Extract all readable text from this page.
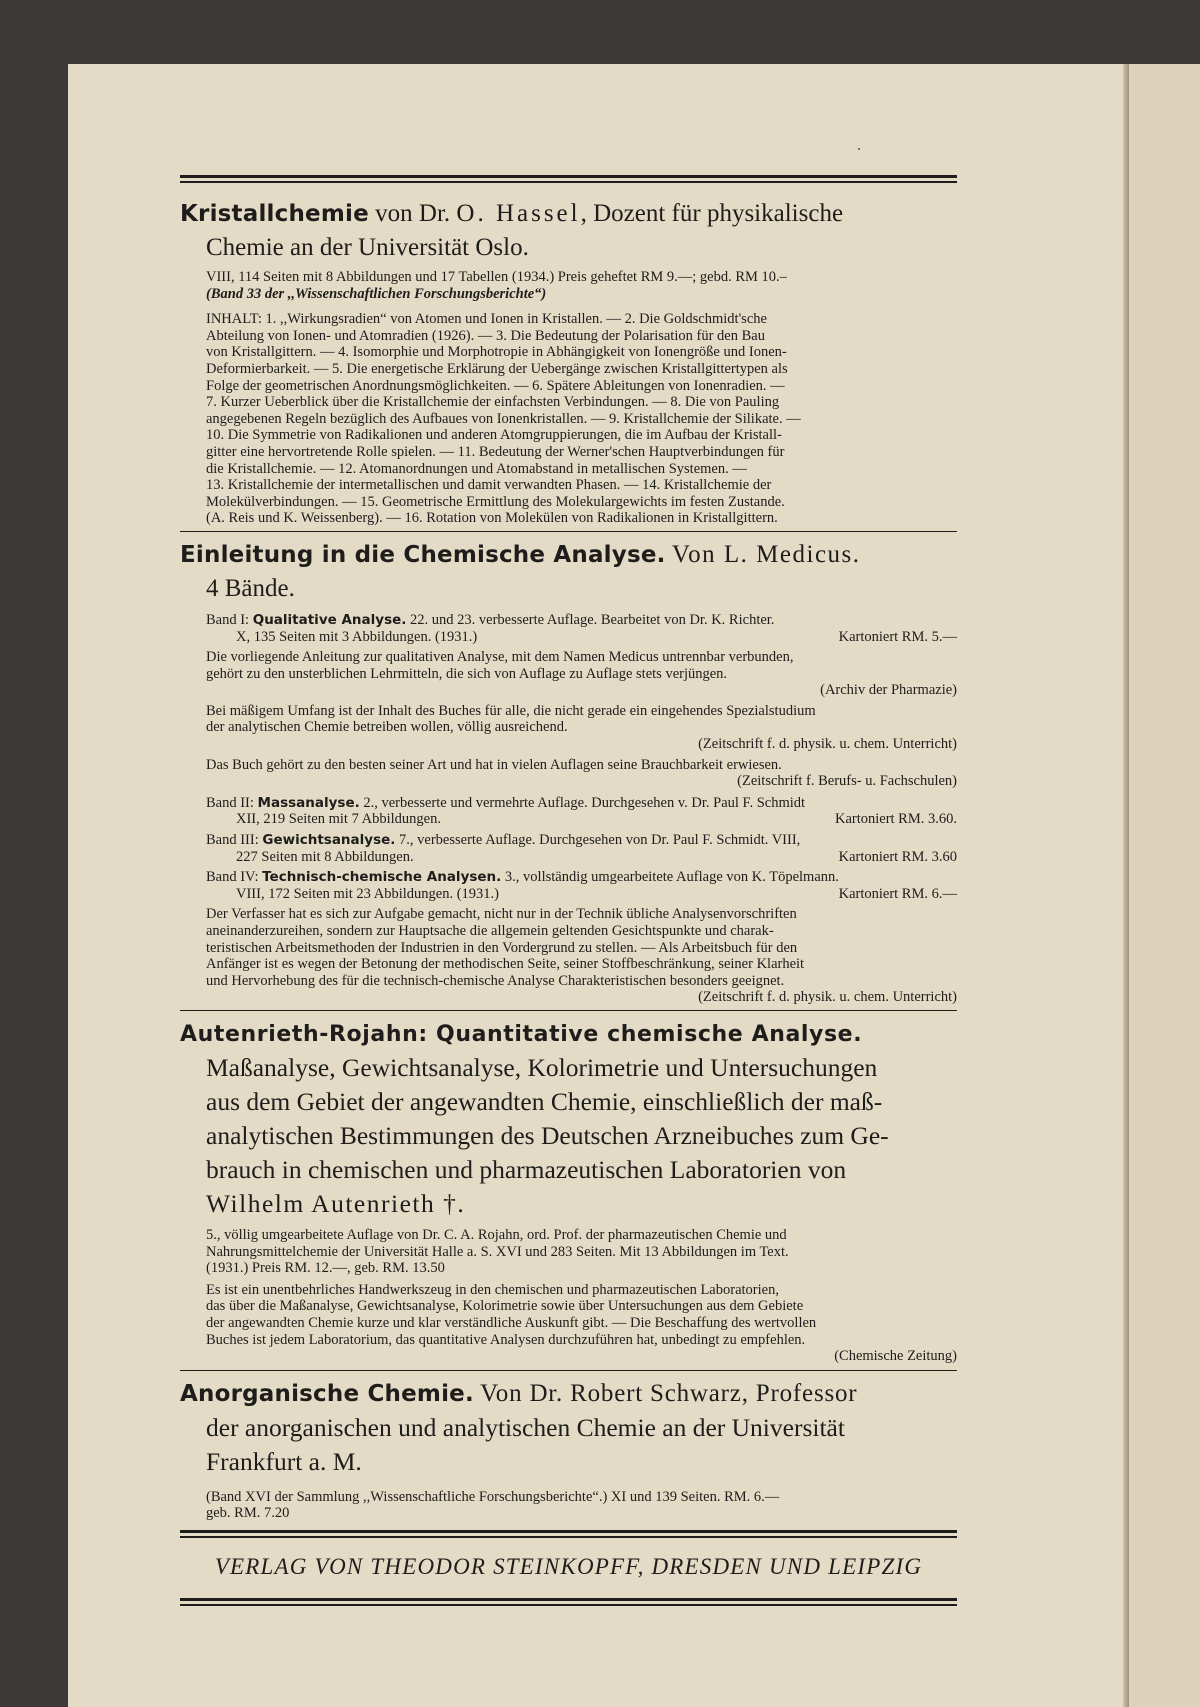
Kristallchemie von Dr. O. Hassel, Dozent für physikalische
Chemie an der Universität Oslo.
VIII, 114 Seiten mit 8 Abbildungen und 17 Tabellen (1934.) Preis geheftet RM 9.—; gebd. RM 10.–
(Band 33 der ,,Wissenschaftlichen Forschungsberichte“)
INHALT: 1. ,,Wirkungsradien“ von Atomen und Ionen in Kristallen. — 2. Die Goldschmidt'sche
Abteilung von Ionen- und Atomradien (1926). — 3. Die Bedeutung der Polarisation für den Bau
von Kristallgittern. — 4. Isomorphie und Morphotropie in Abhängigkeit von Ionengröße und Ionen-
Deformierbarkeit. — 5. Die energetische Erklärung der Uebergänge zwischen Kristallgittertypen als
Folge der geometrischen Anordnungsmöglichkeiten. — 6. Spätere Ableitungen von Ionenradien. —
7. Kurzer Ueberblick über die Kristallchemie der einfachsten Verbindungen. — 8. Die von Pauling
angegebenen Regeln bezüglich des Aufbaues von Ionenkristallen. — 9. Kristallchemie der Silikate. —
10. Die Symmetrie von Radikalionen und anderen Atomgruppierungen, die im Aufbau der Kristall-
gitter eine hervortretende Rolle spielen. — 11. Bedeutung der Werner'schen Hauptverbindungen für
die Kristallchemie. — 12. Atomanordnungen und Atomabstand in metallischen Systemen. —
13. Kristallchemie der intermetallischen und damit verwandten Phasen. — 14. Kristallchemie der
Molekülverbindungen. — 15. Geometrische Ermittlung des Molekulargewichts im festen Zustande.
(A. Reis und K. Weissenberg). — 16. Rotation von Molekülen von Radikalionen in Kristallgittern.
Einleitung in die Chemische Analyse. Von L. Medicus.
4 Bände.
Band I: Qualitative Analyse. 22. und 23. verbesserte Auflage. Bearbeitet von Dr. K. Richter.
X, 135 Seiten mit 3 Abbildungen. (1931.)	Kartoniert RM. 5.—
Die vorliegende Anleitung zur qualitativen Analyse, mit dem Namen Medicus untrennbar verbunden,
gehört zu den unsterblichen Lehrmitteln, die sich von Auflage zu Auflage stets verjüngen.
(Archiv der Pharmazie)
Bei mäßigem Umfang ist der Inhalt des Buches für alle, die nicht gerade ein eingehendes Spezialstudium
der analytischen Chemie betreiben wollen, völlig ausreichend.
(Zeitschrift f. d. physik. u. chem. Unterricht)
Das Buch gehört zu den besten seiner Art und hat in vielen Auflagen seine Brauchbarkeit erwiesen.
(Zeitschrift f. Berufs- u. Fachschulen)
Band II: Massanalyse. 2., verbesserte und vermehrte Auflage. Durchgesehen v. Dr. Paul F. Schmidt
XII, 219 Seiten mit 7 Abbildungen.	Kartoniert RM. 3.60.
Band III: Gewichtsanalyse. 7., verbesserte Auflage. Durchgesehen von Dr. Paul F. Schmidt. VIII,
227 Seiten mit 8 Abbildungen.	Kartoniert RM. 3.60
Band IV: Technisch-chemische Analysen. 3., vollständig umgearbeitete Auflage von K. Töpelmann.
VIII, 172 Seiten mit 23 Abbildungen. (1931.)	Kartoniert RM. 6.—
Der Verfasser hat es sich zur Aufgabe gemacht, nicht nur in der Technik übliche Analysenvorschriften
aneinanderzureihen, sondern zur Hauptsache die allgemein geltenden Gesichtspunkte und charak-
teristischen Arbeitsmethoden der Industrien in den Vordergrund zu stellen. — Als Arbeitsbuch für den
Anfänger ist es wegen der Betonung der methodischen Seite, seiner Stoffbeschränkung, seiner Klarheit
und Hervorhebung des für die technisch-chemische Analyse Charakteristischen besonders geeignet.
(Zeitschrift f. d. physik. u. chem. Unterricht)
Autenrieth-Rojahn: Quantitative chemische Analyse.
Maßanalyse, Gewichtsanalyse, Kolorimetrie und Untersuchungen
aus dem Gebiet der angewandten Chemie, einschließlich der maß-
analytischen Bestimmungen des Deutschen Arzneibuches zum Ge-
brauch in chemischen und pharmazeutischen Laboratorien von
Wilhelm Autenrieth †.
5., völlig umgearbeitete Auflage von Dr. C. A. Rojahn, ord. Prof. der pharmazeutischen Chemie und
Nahrungsmittelchemie der Universität Halle a. S. XVI und 283 Seiten. Mit 13 Abbildungen im Text.
(1931.) Preis RM. 12.—, geb. RM. 13.50
Es ist ein unentbehrliches Handwerkszeug in den chemischen und pharmazeutischen Laboratorien,
das über die Maßanalyse, Gewichtsanalyse, Kolorimetrie sowie über Untersuchungen aus dem Gebiete
der angewandten Chemie kurze und klar verständliche Auskunft gibt. — Die Beschaffung des wertvollen
Buches ist jedem Laboratorium, das quantitative Analysen durchzuführen hat, unbedingt zu empfehlen.
(Chemische Zeitung)
Anorganische Chemie. Von Dr. Robert Schwarz, Professor
der anorganischen und analytischen Chemie an der Universität
Frankfurt a. M.
(Band XVI der Sammlung ,,Wissenschaftliche Forschungsberichte“.) XI und 139 Seiten. RM. 6.—
geb. RM. 7.20
VERLAG VON THEODOR STEINKOPFF, DRESDEN UND LEIPZIG
